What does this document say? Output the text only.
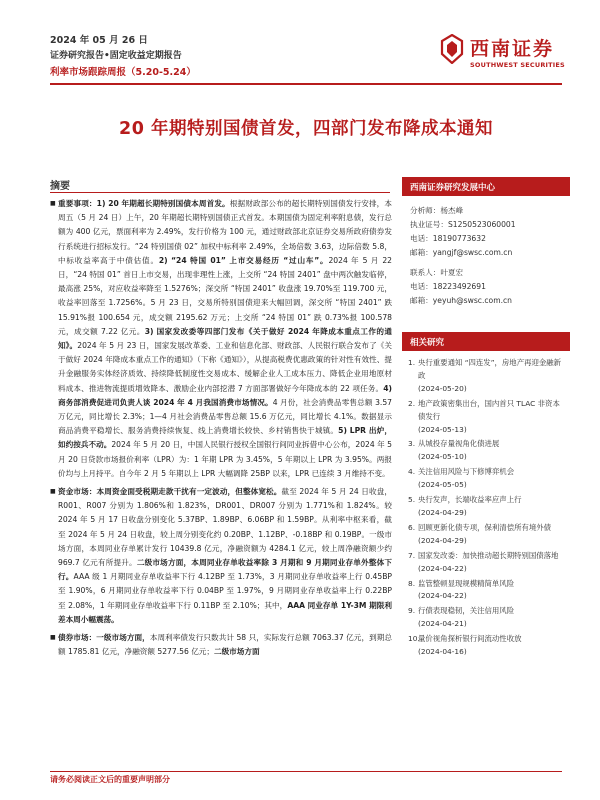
2024 年 05 月 26 日
证券研究报告•固定收益定期报告
利率市场跟踪周报（5.20-5.24）
西南证券
SOUTHWEST SECURITIES
20 年期特别国债首发，四部门发布降成本通知
摘要

■ 重要事项：1) 20 年期超长期特别国债本周首发。根据财政部公布的超长期特别国债发行安排，本周五（5 月 24 日）上午，20 年期超长期特别国债正式首发。本期国债为固定利率附息债，发行总额为 400 亿元，票面利率为 2.49%，发行价格为 100 元，通过财政部北京证券交易所政府债券发行系统进行招标发行。“24 特别国债 02” 加权中标利率 2.49%，全场倍数 3.63，边际倍数 5.8，中标收益率高于中债估值。2) “24 特国 01” 上市交易经历 “过山车”。2024 年 5 月 22 日，“24 特国 01” 首日上市交易，出现非理性上涨，上交所 “24 特国 2401” 盘中两次触发临停，最高涨 25%，对应收益率降至 1.5276%；深交所 “特国 2401” 收盘涨 19.70%至 119.700 元，收益率回落至 1.7256%。5 月 23 日，交易所特别国债迎来大幅回调，深交所 “特国 2401” 跌 15.91%报 100.654 元，成交额 2195.62 万元；上交所 “24 特国 01” 跌 0.73%报 100.578 元，成交额 7.22 亿元。3) 国家发改委等四部门发布《关于做好 2024 年降成本重点工作的通知》。2024 年 5 月 23 日，国家发展改革委、工业和信息化部、财政部、人民银行联合发布了《关于做好 2024 年降成本重点工作的通知》（下称《通知》），从提高税费优惠政策的针对性有效性、提升金融服务实体经济质效、持续降低制度性交易成本、缓解企业人工成本压力、降低企业用地原材料成本、推进物流提质增效降本、激励企业内部挖潜 7 方面部署做好今年降成本的 22 项任务。4) 商务部消费促进司负责人谈 2024 年 4 月我国消费市场情况。4 月份，社会消费品零售总额 3.57 万亿元，同比增长 2.3%；1—4 月社会消费品零售总额 15.6 万亿元，同比增长 4.1%。数据显示商品消费平稳增长、服务消费持续恢复、线上消费增长较快、乡村销售快于城镇。5) LPR 出炉，如约按兵不动。2024 年 5 月 20 日，中国人民银行授权全国银行间同业拆借中心公布，2024 年 5 月 20 日贷款市场报价利率（LPR）为：1 年期 LPR 为 3.45%，5 年期以上 LPR 为 3.95%。两报价均与上月持平。自今年 2 月 5 年期以上 LPR 大幅调降 25BP 以来，LPR 已连续 3 月维持不变。

■ 资金市场：本周资金面受税期走款干扰有一定波动，但整体宽松。截至 2024 年 5 月 24 日收盘，R001、R007 分别为 1.806%和 1.823%，DR001、DR007 分别为 1.771%和 1.824%。较 2024 年 5 月 17 日收盘分别变化 5.37BP、1.89BP、6.06BP 和 1.59BP。从利率中枢来看，截至 2024 年 5 月 24 日收盘，较上周分别变化约 0.20BP、1.12BP、-0.18BP 和 0.19BP。一级市场方面，本周同业存单累计发行 10439.8 亿元，净融资额为 4284.1 亿元，较上周净融资额少约 969.7 亿元有所提升。二级市场方面，本周同业存单收益率除 3 月期和 9 月期同业存单外整体下行。AAA 级 1 月期同业存单收益率下行 4.12BP 至 1.73%，3 月期同业存单收益率上行 0.45BP 至 1.90%，6 月期同业存单收益率下行 0.04BP 至 1.97%，9 月期同业存单收益率上行 0.22BP 至 2.08%，1 年期同业存单收益率下行 0.11BP 至 2.10%；其中，AAA 同业存单 1Y-3M 期限利差本周小幅震荡。

■ 债券市场：一级市场方面，本周利率债发行只数共计 58 只，实际发行总额 7063.37 亿元，到期总额 1785.81 亿元，净融资额 5277.56 亿元；二级市场方面

西南证券研究发展中心
分析师：杨杰峰
执业证号：S1250523060001
电话：18190773632
邮箱：yangjf@swsc.com.cn
联系人：叶夏宏
电话：18223492691
邮箱：yeyuh@swsc.com.cn
相关研究
1. 央行重要通知 “四连发”，房地产再迎金融新政
(2024-05-20)
2. 地产政策密集出台，国内首只 TLAC 非资本债发行
(2024-05-13)
3. 从城投存量视角化债进展
(2024-05-10)
4. 关注信用风险与下修博弈机会
(2024-05-05)
5. 央行发声，长端收益率应声上行
(2024-04-29)
6. 回顾更新化债专项，保利清偿所有境外债
(2024-04-29)
7. 国家发改委：加快推动超长期特别国债落地
(2024-04-22)
8. 监管整顿显现规模精简单风险
(2024-04-22)
9. 行债表现稳韧，关注信用风险
(2024-04-21)
10.
量价视角探析银行间流动性收放
(2024-04-16)
请务必阅读正文后的重要声明部分
